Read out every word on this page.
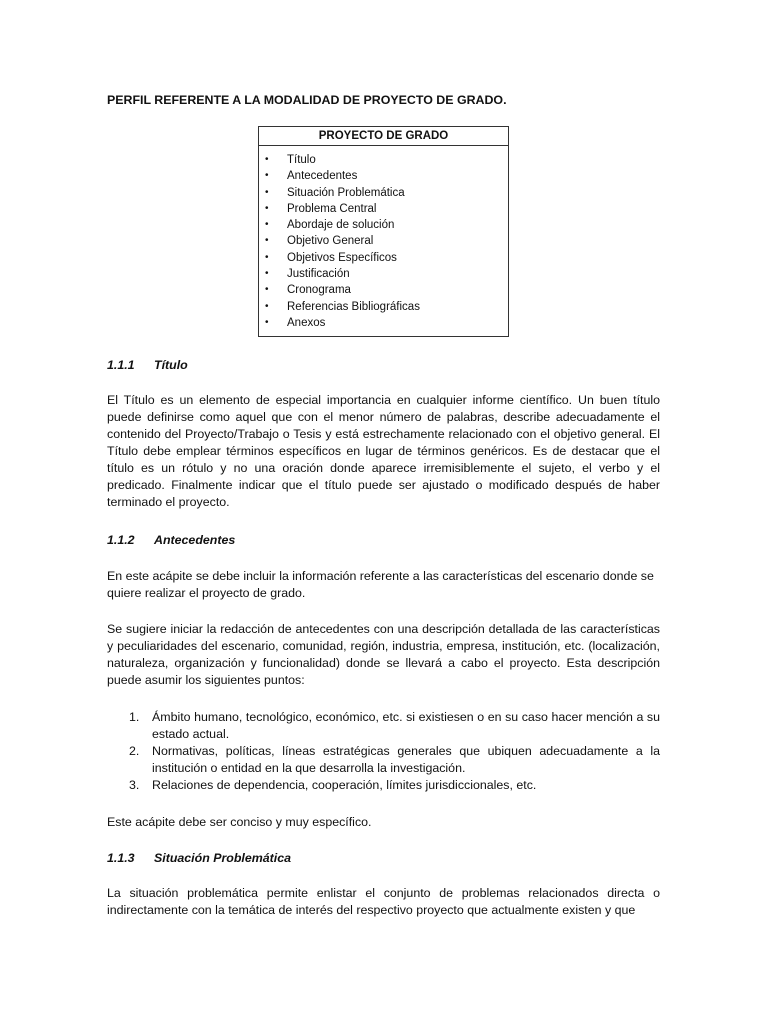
PERFIL REFERENTE A LA MODALIDAD DE PROYECTO DE GRADO.
PROYECTO DE GRADO
• Título
• Antecedentes
• Situación Problemática
• Problema Central
• Abordaje de solución
• Objetivo General
• Objetivos Específicos
• Justificación
• Cronograma
• Referencias Bibliográficas
• Anexos
1.1.1 Título

El Título es un elemento de especial importancia en cualquier informe científico. Un buen título puede definirse como aquel que con el menor número de palabras, describe adecuadamente el contenido del Proyecto/Trabajo o Tesis y está estrechamente relacionado con el objetivo general. El Título debe emplear términos específicos en lugar de términos genéricos. Es de destacar que el título es un rótulo y no una oración donde aparece irremisiblemente el sujeto, el verbo y el predicado. Finalmente indicar que el título puede ser ajustado o modificado después de haber terminado el proyecto.

1.1.2 Antecedentes

En este acápite se debe incluir la información referente a las características del escenario donde se quiere realizar el proyecto de grado.

Se sugiere iniciar la redacción de antecedentes con una descripción detallada de las características y peculiaridades del escenario, comunidad, región, industria, empresa, institución, etc. (localización, naturaleza, organización y funcionalidad) donde se llevará a cabo el proyecto. Esta descripción puede asumir los siguientes puntos:

1. Ámbito humano, tecnológico, económico, etc. si existiesen o en su caso hacer mención a su estado actual.
2. Normativas, políticas, líneas estratégicas generales que ubiquen adecuadamente a la institución o entidad en la que desarrolla la investigación.
3. Relaciones de dependencia, cooperación, límites jurisdiccionales, etc.

Este acápite debe ser conciso y muy específico.

1.1.3 Situación Problemática

La situación problemática permite enlistar el conjunto de problemas relacionados directa o indirectamente con la temática de interés del respectivo proyecto que actualmente existen y que
